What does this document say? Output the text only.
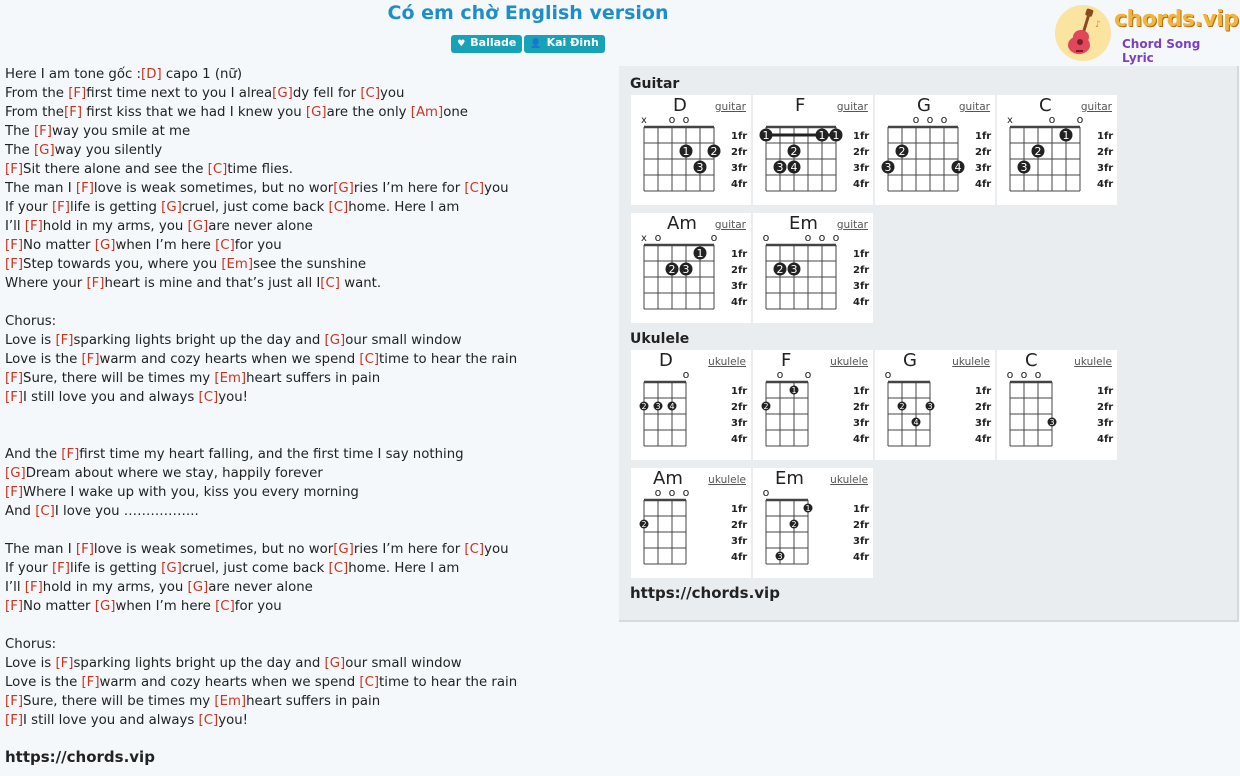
Có em chờ English version
♥ Ballade 👤 Kai Đinh
♪ chords.vip
Chord Song Lyric
Here I am tone gốc :[D] capo 1 (nữ)
From the [F]first time next to you I alrea[G]dy fell for [C]you
From the[F] first kiss that we had I knew you [G]are the only [Am]one
The [F]way you smile at me
The [G]way you silently
[F]Sit there alone and see the [C]time flies.
The man I [F]love is weak sometimes, but no wor[G]ries I’m here for [C]you
If your [F]life is getting [G]cruel, just come back [C]home. Here I am
I’ll [F]hold in my arms, you [G]are never alone
[F]No matter [G]when I’m here [C]for you
[F]Step towards you, where you [Em]see the sunshine
Where your [F]heart is mine and that’s just all I[C] want.
Chorus:
Love is [F]sparking lights bright up the day and [G]our small window
Love is the [F]warm and cozy hearts when we spend [C]time to hear the rain
[F]Sure, there will be times my [Em]heart suffers in pain
[F]I still love you and always [C]you!
And the [F]first time my heart falling, and the first time I say nothing
[G]Dream about where we stay, happily forever
[F]Where I wake up with you, kiss you every morning
And [C]I love you ……………..
The man I [F]love is weak sometimes, but no wor[G]ries I’m here for [C]you
If your [F]life is getting [G]cruel, just come back [C]home. Here I am
I’ll [F]hold in my arms, you [G]are never alone
[F]No matter [G]when I’m here [C]for you
Chorus:
Love is [F]sparking lights bright up the day and [G]our small window
Love is the [F]warm and cozy hearts when we spend [C]time to hear the rain
[F]Sure, there will be times my [Em]heart suffers in pain
[F]I still love you and always [C]you!
https://chords.vip
Guitar
Ukulele
x o o
1 2
3
1fr
2fr
3fr
4fr
D	guitar
1
2
3 4
1 1 1fr
2fr
3fr
4fr
F	guitar
o o o
2
3	4
1fr
2fr
3fr
4fr
G	guitar
x	o o
1
2
3
1fr
2fr
3fr
4fr
C	guitar
x o	o
1
2 3
1fr
2fr
3fr
4fr
Am guitar
o	o o o
2 3
1fr
2fr
3fr
4fr
Em guitar
o
2 3 4
1fr
2fr
3fr
4fr
D	ukulele
o o
2
1	1fr
2fr
3fr
4fr
F	ukulele
o
2	3
4
1fr
2fr
3fr
4fr
G	ukulele
o o o
3
1fr
2fr
3fr
4fr
C	ukulele
o o o
2
1fr
2fr
3fr
4fr
Am ukulele
o
1
2
3
1fr
2fr
3fr
4fr
Em	ukulele
https://chords.vip
